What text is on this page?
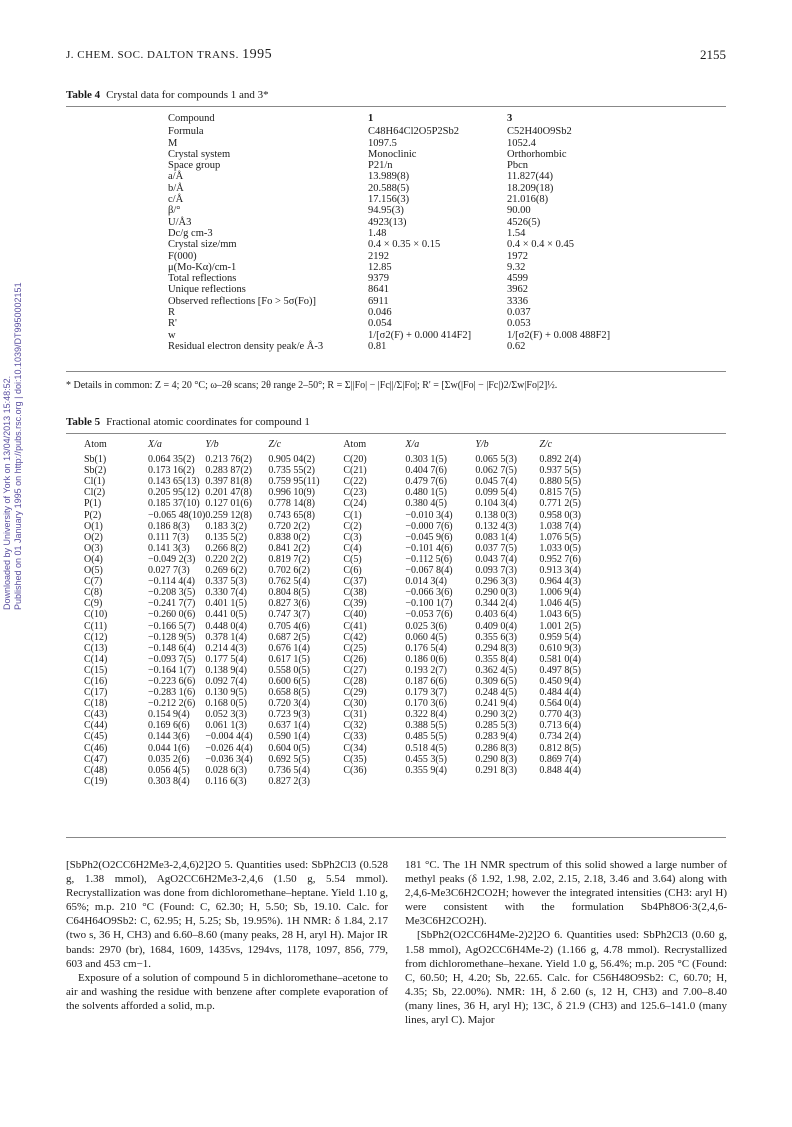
Downloaded by University of York on 13/04/2013 15:48:52. Published on 01 January 1995 on http://pubs.rsc.org | doi:10.1039/DT9950002151
J. CHEM. SOC. DALTON TRANS. 1995	2155
Table 4 Crystal data for compounds 1 and 3*
Compound	1	3
Formula	C48H64Cl2O5P2Sb2	C52H40O9Sb2
M	1097.5	1052.4
Crystal system	Monoclinic	Orthorhombic
Space group	P21/n	Pbcn
a/Å	13.989(8)	11.827(44)
b/Å	20.588(5)	18.209(18)
c/Å	17.156(3)	21.016(8)
β/°	94.95(3)	90.00
U/Å3	4923(13)	4526(5)
Dc/g cm-3	1.48	1.54
Crystal size/mm	0.4 × 0.35 × 0.15	0.4 × 0.4 × 0.45
F(000)	2192	1972
μ(Mo-Kα)/cm-1	12.85	9.32
Total reflections	9379	4599
Unique reflections	8641	3962
Observed reflections [Fo > 5σ(Fo)]	6911	3336
R	0.046	0.037
R'	0.054	0.053
w	1/[σ2(F) + 0.000 414F2]	1/[σ2(F) + 0.008 488F2]
Residual electron density peak/e Å-3	0.81	0.62
* Details in common: Z = 4; 20 °C; ω–2θ scans; 2θ range 2–50°; R = Σ||Fo| − |Fc||/Σ|Fo|; R' = [Σw(|Fo| − |Fc|)2/Σw|Fo|2]½.
Table 5 Fractional atomic coordinates for compound 1
Atom	X/a	Y/b	Z/c	Atom	X/a	Y/b	Z/c
Sb(1)	0.064 35(2)	0.213 76(2)	0.905 04(2)	C(20)	0.303 1(5)	0.065 5(3)	0.892 2(4)
Sb(2)	0.173 16(2)	0.283 87(2)	0.735 55(2)	C(21)	0.404 7(6)	0.062 7(5)	0.937 5(5)
Cl(1)	0.143 65(13)	0.397 81(8)	0.759 95(11)	C(22)	0.479 7(6)	0.045 7(4)	0.880 5(5)
Cl(2)	0.205 95(12)	0.201 47(8)	0.996 10(9)	C(23)	0.480 1(5)	0.099 5(4)	0.815 7(5)
P(1)	0.185 37(10)	0.127 01(6)	0.778 14(8)	C(24)	0.380 4(5)	0.104 3(4)	0.771 2(5)
P(2)	−0.065 48(10)	0.259 12(8)	0.743 65(8)	C(1)	−0.010 3(4)	0.138 0(3)	0.958 0(3)
O(1)	0.186 8(3)	0.183 3(2)	0.720 2(2)	C(2)	−0.000 7(6)	0.132 4(3)	1.038 7(4)
O(2)	0.111 7(3)	0.135 5(2)	0.838 0(2)	C(3)	−0.045 9(6)	0.083 1(4)	1.076 5(5)
O(3)	0.141 3(3)	0.266 8(2)	0.841 2(2)	C(4)	−0.101 4(6)	0.037 7(5)	1.033 0(5)
O(4)	−0.049 2(3)	0.220 2(2)	0.819 7(2)	C(5)	−0.112 5(6)	0.043 7(4)	0.952 7(6)
O(5)	0.027 7(3)	0.269 6(2)	0.702 6(2)	C(6)	−0.067 8(4)	0.093 7(3)	0.913 3(4)
C(7)	−0.114 4(4)	0.337 5(3)	0.762 5(4)	C(37)	0.014 3(4)	0.296 3(3)	0.964 4(3)
C(8)	−0.208 3(5)	0.330 7(4)	0.804 8(5)	C(38)	−0.066 3(6)	0.290 0(3)	1.006 9(4)
C(9)	−0.241 7(7)	0.401 1(5)	0.827 3(6)	C(39)	−0.100 1(7)	0.344 2(4)	1.046 4(5)
C(10)	−0.260 0(6)	0.441 0(5)	0.747 3(7)	C(40)	−0.053 7(6)	0.403 6(4)	1.043 6(5)
C(11)	−0.166 5(7)	0.448 0(4)	0.705 4(6)	C(41)	0.025 3(6)	0.409 0(4)	1.001 2(5)
C(12)	−0.128 9(5)	0.378 1(4)	0.687 2(5)	C(42)	0.060 4(5)	0.355 6(3)	0.959 5(4)
C(13)	−0.148 6(4)	0.214 4(3)	0.676 1(4)	C(25)	0.176 5(4)	0.294 8(3)	0.610 9(3)
C(14)	−0.093 7(5)	0.177 5(4)	0.617 1(5)	C(26)	0.186 0(6)	0.355 8(4)	0.581 0(4)
C(15)	−0.164 1(7)	0.138 9(4)	0.558 0(5)	C(27)	0.193 2(7)	0.362 4(5)	0.497 8(5)
C(16)	−0.223 6(6)	0.092 7(4)	0.600 6(5)	C(28)	0.187 6(6)	0.309 6(5)	0.450 9(4)
C(17)	−0.283 1(6)	0.130 9(5)	0.658 8(5)	C(29)	0.179 3(7)	0.248 4(5)	0.484 4(4)
C(18)	−0.212 2(6)	0.168 0(5)	0.720 3(4)	C(30)	0.170 3(6)	0.241 9(4)	0.564 0(4)
C(43)	0.154 9(4)	0.052 3(3)	0.723 9(3)	C(31)	0.322 8(4)	0.290 3(2)	0.770 4(3)
C(44)	0.169 6(6)	0.061 1(3)	0.637 1(4)	C(32)	0.388 5(5)	0.285 5(3)	0.713 6(4)
C(45)	0.144 3(6)	−0.004 4(4)	0.590 1(4)	C(33)	0.485 5(5)	0.283 9(4)	0.734 2(4)
C(46)	0.044 1(6)	−0.026 4(4)	0.604 0(5)	C(34)	0.518 4(5)	0.286 8(3)	0.812 8(5)
C(47)	0.035 2(6)	−0.036 3(4)	0.692 5(5)	C(35)	0.455 3(5)	0.290 8(3)	0.869 7(4)
C(48)	0.056 4(5)	0.028 6(3)	0.736 5(4)	C(36)	0.355 9(4)	0.291 8(3)	0.848 4(4)
C(19)	0.303 8(4)	0.116 6(3)	0.827 2(3)				

[SbPh2(O2CC6H2Me3-2,4,6)2]2O 5. Quantities used: SbPh2Cl3 (0.528 g, 1.38 mmol), AgO2CC6H2Me3-2,4,6 (1.50 g, 5.54 mmol). Recrystallization was done from dichloromethane–heptane. Yield 1.10 g, 65%; m.p. 210 °C (Found: C, 62.30; H, 5.50; Sb, 19.10. Calc. for C64H64O9Sb2: C, 62.95; H, 5.25; Sb, 19.95%). 1H NMR: δ 1.84, 2.17 (two s, 36 H, CH3) and 6.60–8.60 (many peaks, 28 H, aryl H). Major IR bands: 2970 (br), 1684, 1609, 1435vs, 1294vs, 1178, 1097, 856, 779, 603 and 453 cm−1.

Exposure of a solution of compound 5 in dichloromethane–acetone to air and washing the residue with benzene after complete evaporation of the solvents afforded a solid, m.p.

181 °C. The 1H NMR spectrum of this solid showed a large number of methyl peaks (δ 1.92, 1.98, 2.02, 2.15, 2.18, 3.46 and 3.64) along with 2,4,6-Me3C6H2CO2H; however the integrated intensities (CH3: aryl H) were consistent with the formulation Sb4Ph8O6·3(2,4,6-Me3C6H2CO2H).

[SbPh2(O2CC6H4Me-2)2]2O 6. Quantities used: SbPh2Cl3 (0.60 g, 1.58 mmol), AgO2CC6H4Me-2) (1.166 g, 4.78 mmol). Recrystallized from dichloromethane–hexane. Yield 1.0 g, 56.4%; m.p. 205 °C (Found: C, 60.50; H, 4.20; Sb, 22.65. Calc. for C56H48O9Sb2: C, 60.70; H, 4.35; Sb, 22.00%). NMR: 1H, δ 2.60 (s, 12 H, CH3) and 7.00–8.40 (many lines, 36 H, aryl H); 13C, δ 21.9 (CH3) and 125.6–141.0 (many lines, aryl C). Major
